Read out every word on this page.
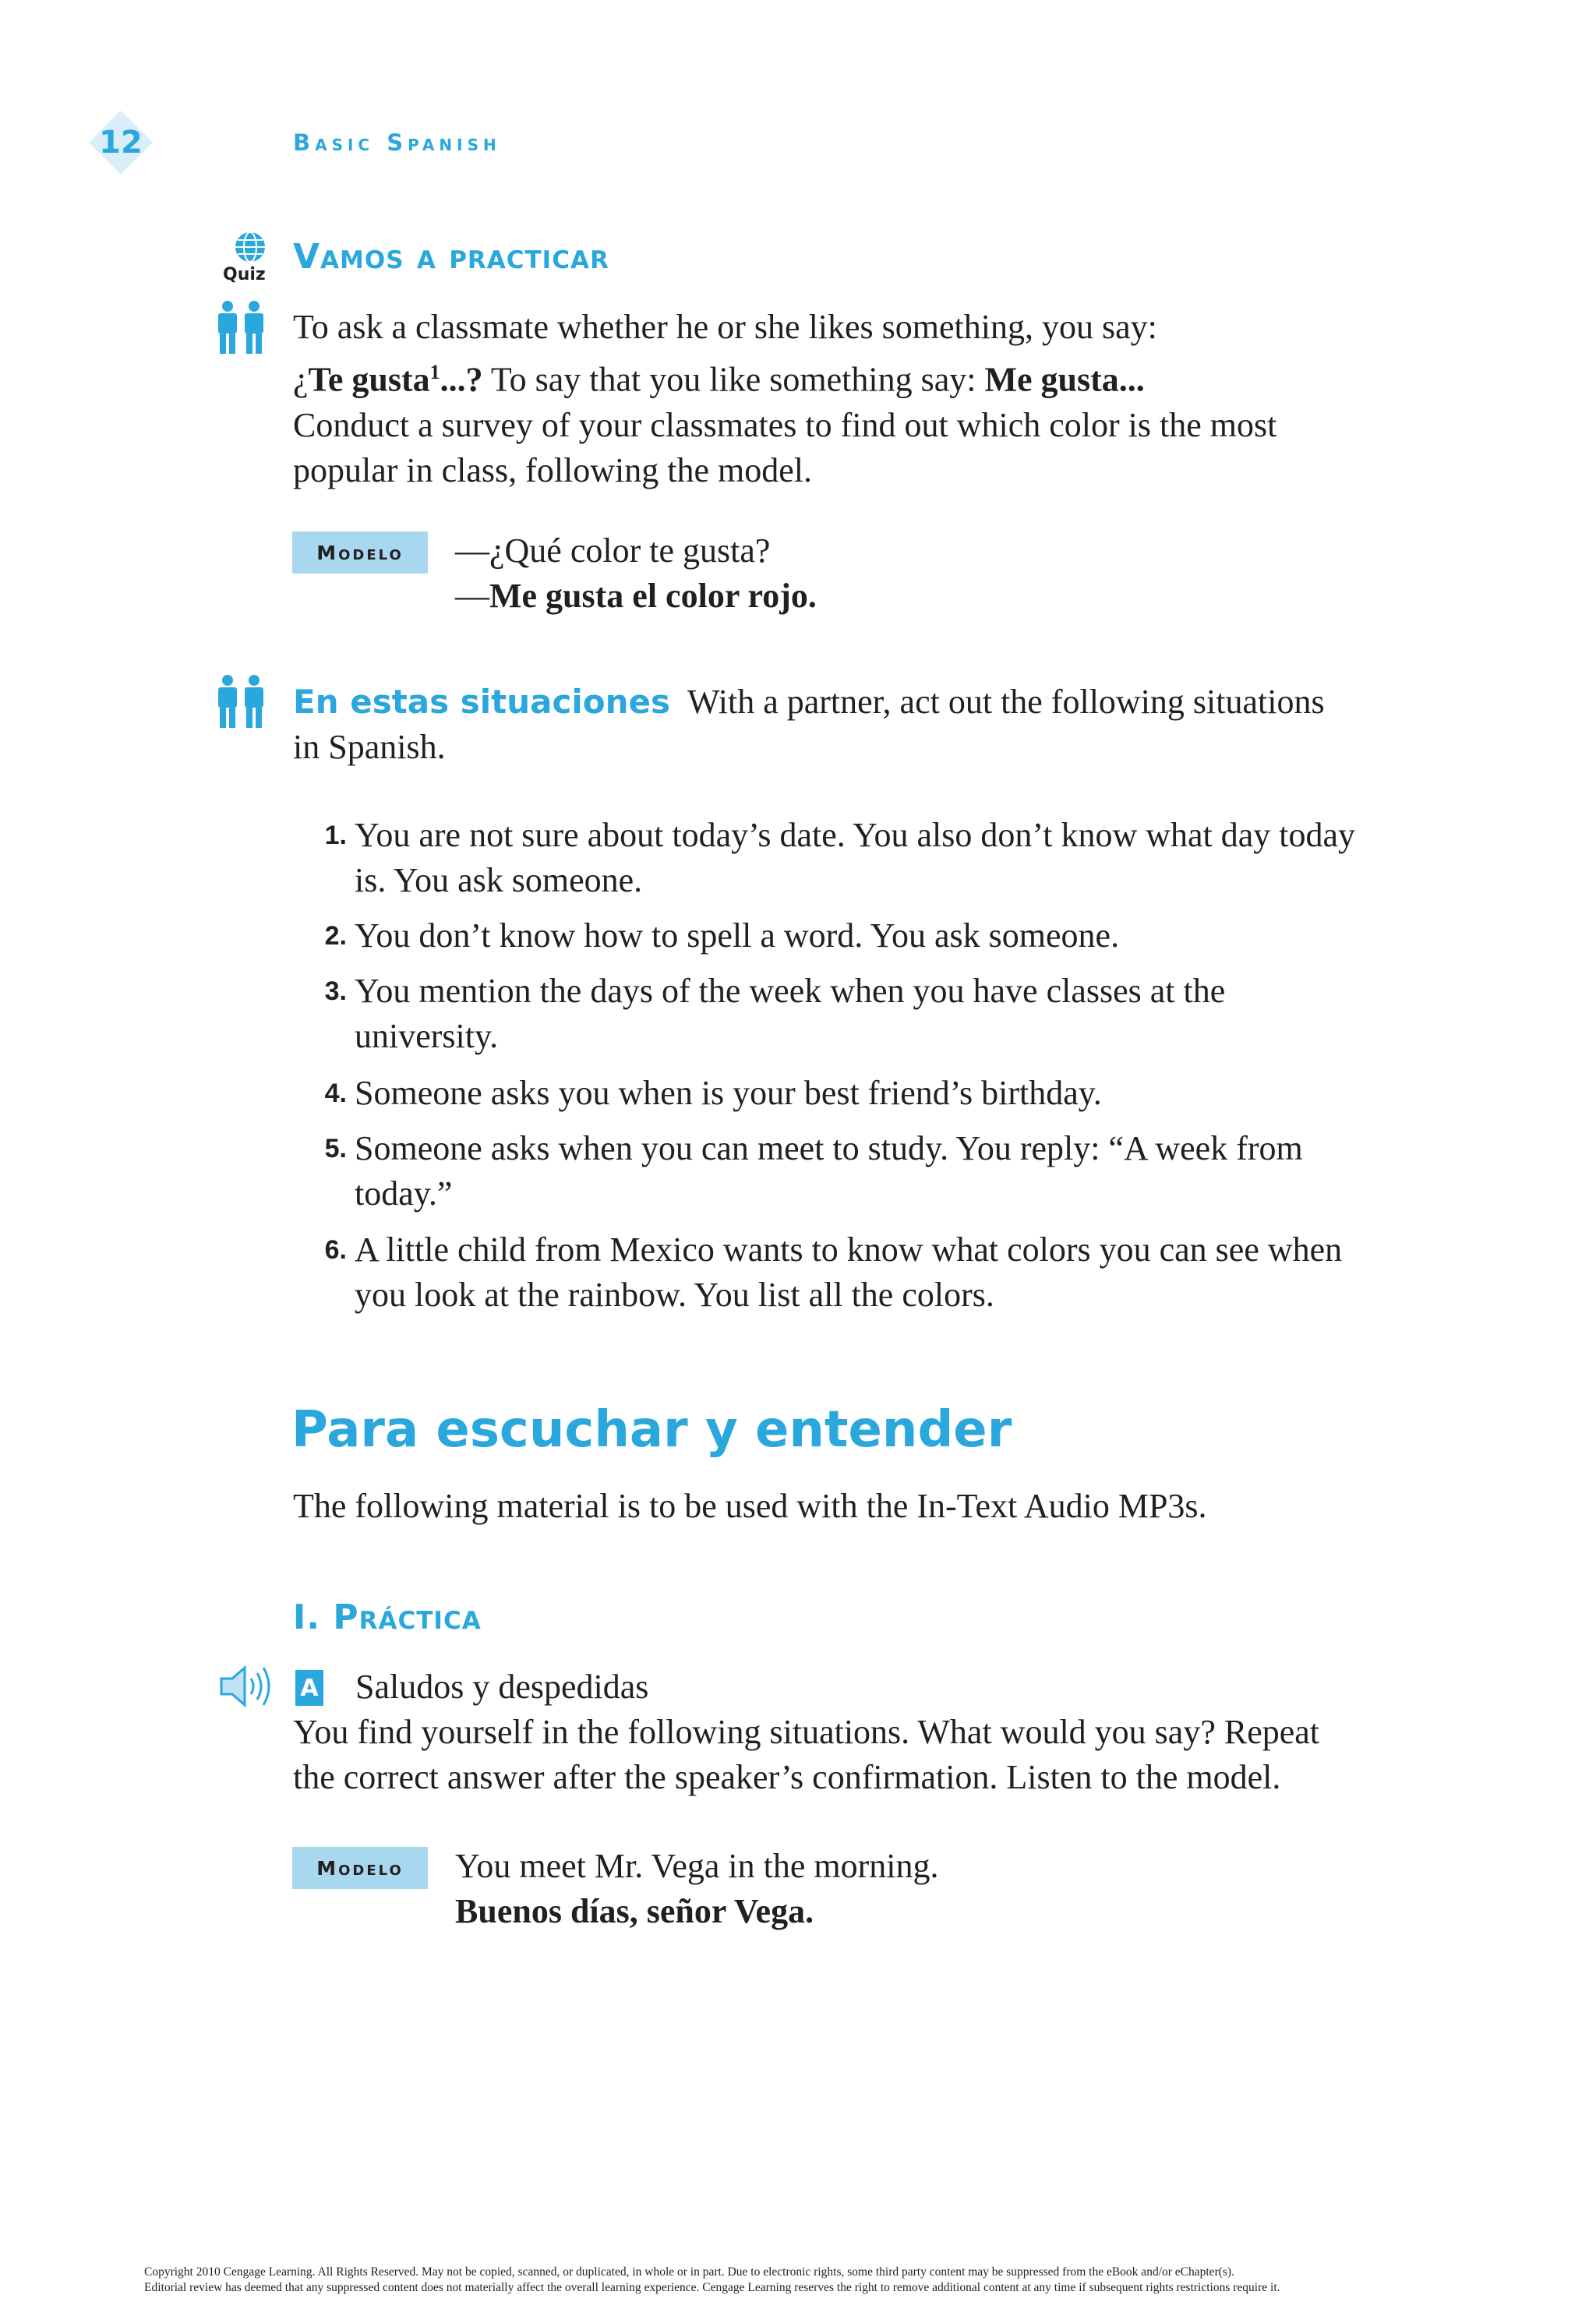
12	Basic Spanish
Quiz Vamos a practicar
To ask a classmate whether he or she likes something, you say:
¿Te gusta$^1$...? To say that you like something say: Me gusta...
Conduct a survey of your classmates to find out which color is the most
popular in class, following the model.
Modelo	—¿Qué color te gusta?
—Me gusta el color rojo.
En estas situaciones With a partner, act out the following situations
in Spanish.
1. You are not sure about today’s date. You also don’t know what day today is. You ask someone.
2. You don’t know how to spell a word. You ask someone.
3. You mention the days of the week when you have classes at the university.
4. Someone asks you when is your best friend’s birthday.
5. Someone asks when you can meet to study. You reply: “A week from today.”
6. A little child from Mexico wants to know what colors you can see when you look at the rainbow. You list all the colors.
Para escuchar y entender
The following material is to be used with the In-Text Audio MP3s.
I. Práctica
A Saludos y despedidas
You find yourself in the following situations. What would you say? Repeat
the correct answer after the speaker’s confirmation. Listen to the model.
Modelo	You meet Mr. Vega in the morning.
Buenos días, señor Vega.
Copyright 2010 Cengage Learning. All Rights Reserved. May not be copied, scanned, or duplicated, in whole or in part. Due to electronic rights, some third party content may be suppressed from the eBook and/or eChapter(s).
Editorial review has deemed that any suppressed content does not materially affect the overall learning experience. Cengage Learning reserves the right to remove additional content at any time if subsequent rights restrictions require it.
